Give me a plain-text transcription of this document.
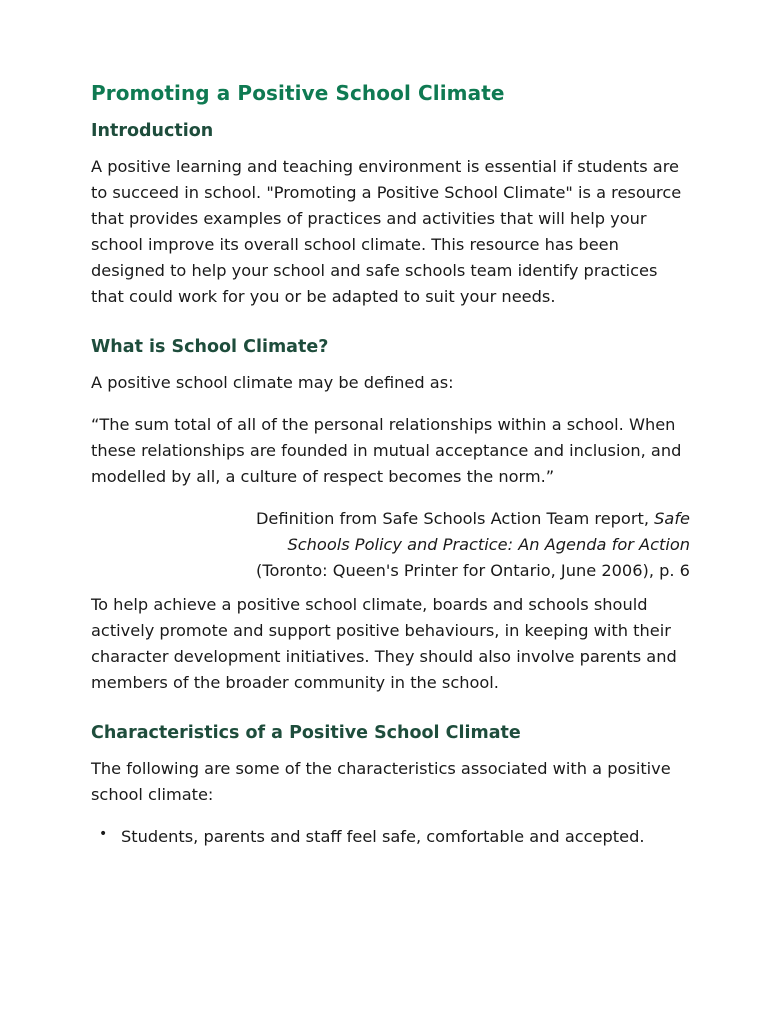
Promoting a Positive School Climate
Introduction

A positive learning and teaching environment is essential if students are to succeed in school. "Promoting a Positive School Climate" is a resource that provides examples of practices and activities that will help your school improve its overall school climate. This resource has been designed to help your school and safe schools team identify practices that could work for you or be adapted to suit your needs.

What is School Climate?

A positive school climate may be defined as:

“The sum total of all of the personal relationships within a school. When these relationships are founded in mutual acceptance and inclusion, and modelled by all, a culture of respect becomes the norm.”

Definition from Safe Schools Action Team report, Safe
Schools Policy and Practice: An Agenda for Action
(Toronto: Queen's Printer for Ontario, June 2006), p. 6

To help achieve a positive school climate, boards and schools should actively promote and support positive behaviours, in keeping with their character development initiatives. They should also involve parents and members of the broader community in the school.

Characteristics of a Positive School Climate

The following are some of the characteristics associated with a positive school climate:

• Students, parents and staff feel safe, comfortable and accepted.
